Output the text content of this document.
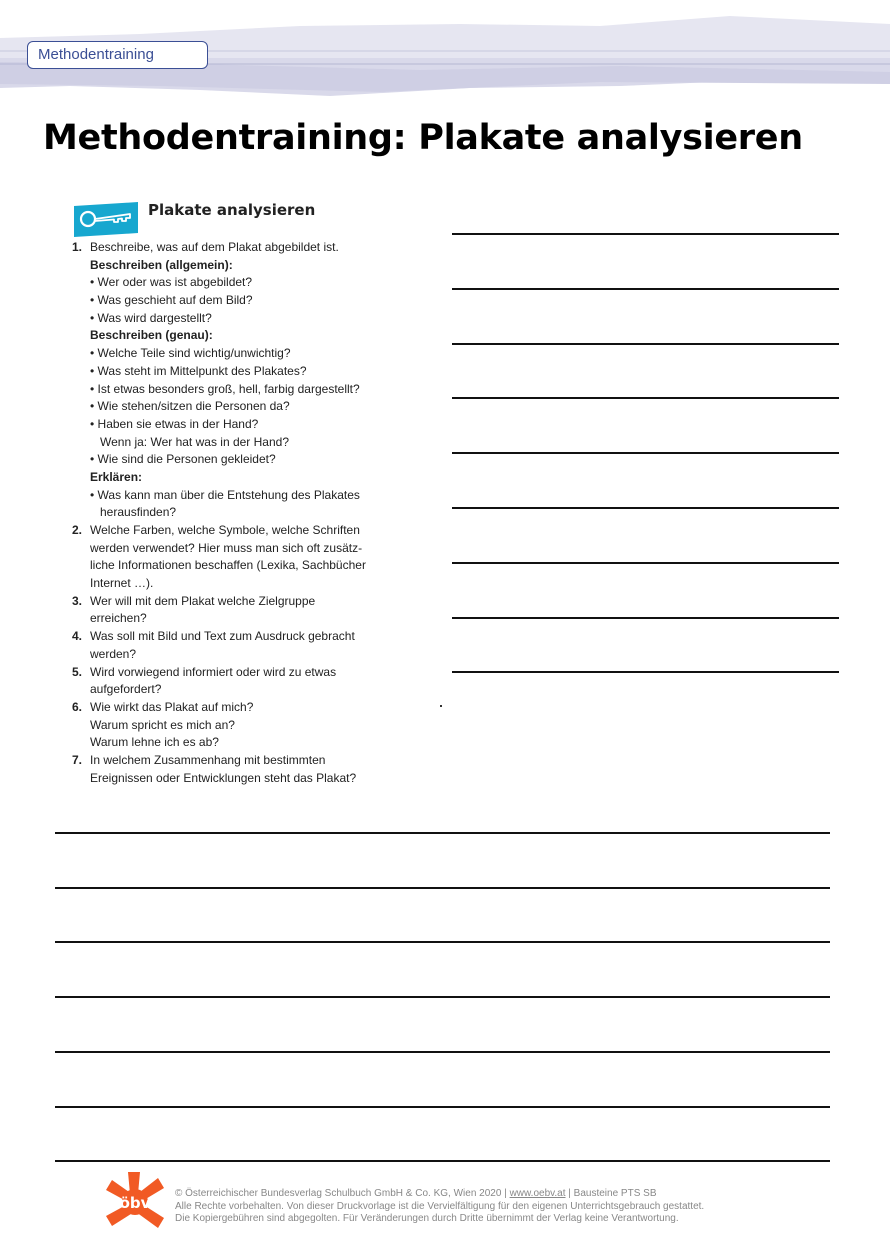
Methodentraining
Methodentraining: Plakate analysieren
Plakate analysieren
1. Beschreibe, was auf dem Plakat abgebildet ist.
Beschreiben (allgemein):
• Wer oder was ist abgebildet?
• Was geschieht auf dem Bild?
• Was wird dargestellt?
Beschreiben (genau):
• Welche Teile sind wichtig/unwichtig?
• Was steht im Mittelpunkt des Plakates?
• Ist etwas besonders groß, hell, farbig dargestellt?
• Wie stehen/sitzen die Personen da?
• Haben sie etwas in der Hand?
Wenn ja: Wer hat was in der Hand?
• Wie sind die Personen gekleidet?
Erklären:
• Was kann man über die Entstehung des Plakates
herausfinden?
2. Welche Farben, welche Symbole, welche Schriften
werden verwendet? Hier muss man sich oft zusätz-
liche Informationen beschaffen (Lexika, Sachbücher
Internet …).
3. Wer will mit dem Plakat welche Zielgruppe
erreichen?
4. Was soll mit Bild und Text zum Ausdruck gebracht
werden?
5. Wird vorwiegend informiert oder wird zu etwas
aufgefordert?
6. Wie wirkt das Plakat auf mich?
Warum spricht es mich an?
Warum lehne ich es ab?
7. In welchem Zusammenhang mit bestimmten
Ereignissen oder Entwicklungen steht das Plakat?
öbv
© Österreichischer Bundesverlag Schulbuch GmbH & Co. KG, Wien 2020 | www.oebv.at | Bausteine PTS SB
Alle Rechte vorbehalten. Von dieser Druckvorlage ist die Vervielfältigung für den eigenen Unterrichtsgebrauch gestattet.
Die Kopiergebühren sind abgegolten. Für Veränderungen durch Dritte übernimmt der Verlag keine Verantwortung.
